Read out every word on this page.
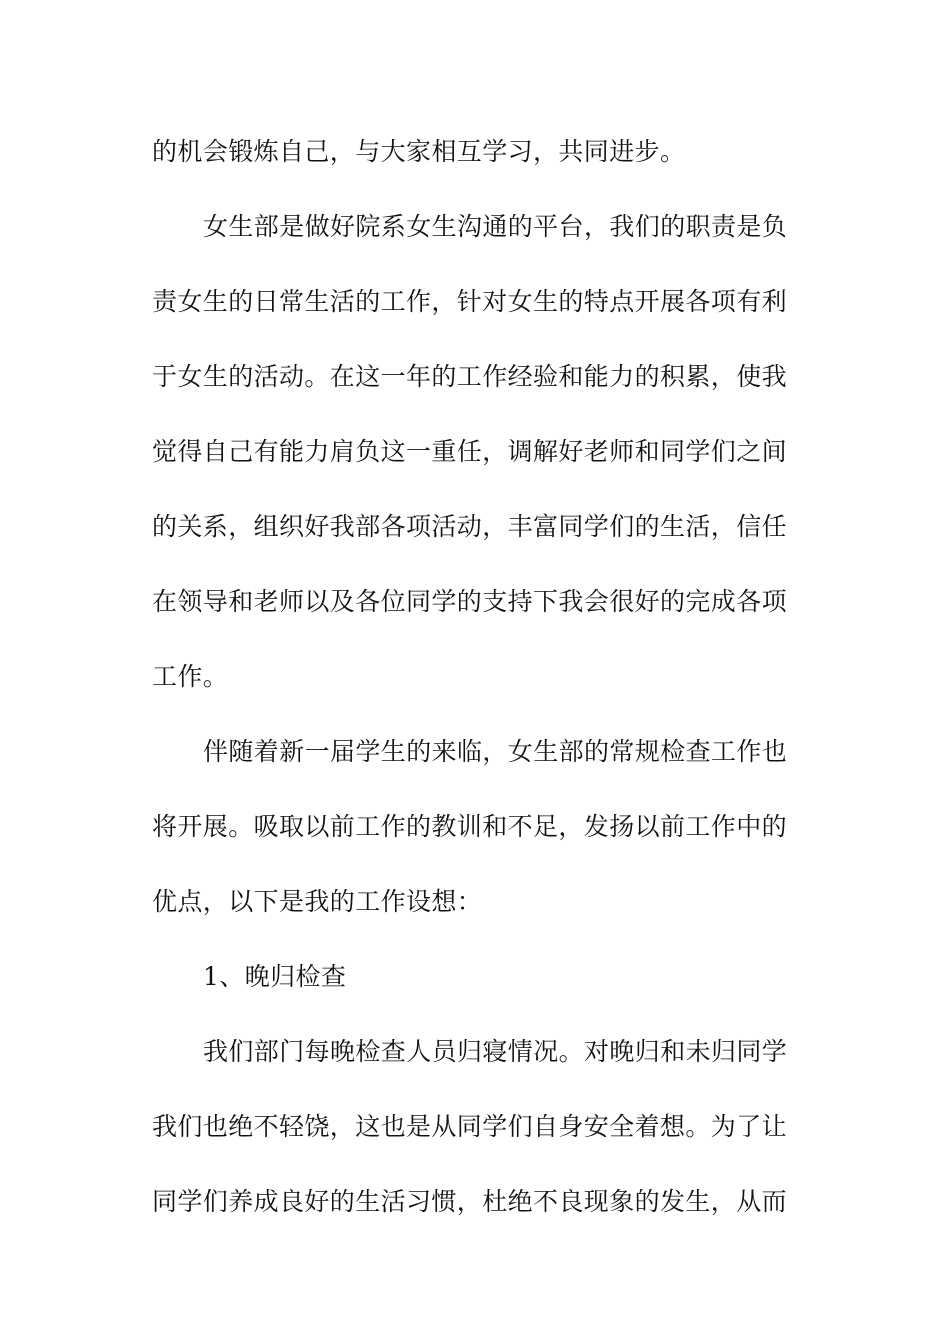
的机会锻炼自己，与大家相互学习，共同进步。
女生部是做好院系女生沟通的平台，我们的职责是负
责女生的日常生活的工作，针对女生的特点开展各项有利
于女生的活动。在这一年的工作经验和能力的积累，使我
觉得自己有能力肩负这一重任，调解好老师和同学们之间
的关系，组织好我部各项活动，丰富同学们的生活，信任
在领导和老师以及各位同学的支持下我会很好的完成各项
工作。
伴随着新一届学生的来临，女生部的常规检查工作也
将开展。吸取以前工作的教训和不足，发扬以前工作中的
优点，以下是我的工作设想：
1、晚归检查
我们部门每晚检查人员归寝情况。对晚归和未归同学
我们也绝不轻饶，这也是从同学们自身安全着想。为了让
同学们养成良好的生活习惯，杜绝不良现象的发生，从而
